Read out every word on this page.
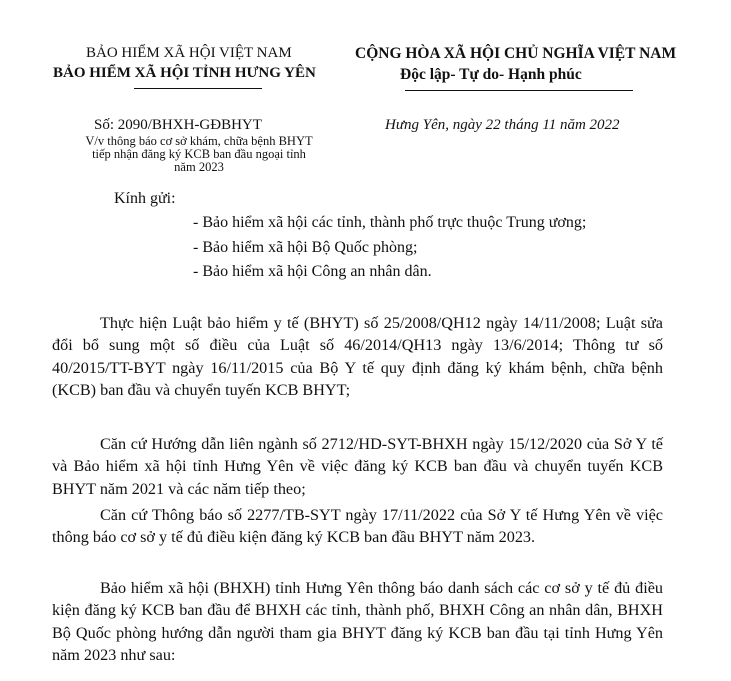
BẢO HIỂM XÃ HỘI VIỆT NAM
BẢO HIỂM XÃ HỘI TỈNH HƯNG YÊN
CỘNG HÒA XÃ HỘI CHỦ NGHĨA VIỆT NAM
Độc lập- Tự do- Hạnh phúc
Số: 2090/BHXH-GĐBHYT	Hưng Yên, ngày 22 tháng 11 năm 2022
V/v thông báo cơ sở khám, chữa bệnh BHYT
tiếp nhận đăng ký KCB ban đầu ngoại tỉnh
năm 2023
Kính gửi:
- Bảo hiểm xã hội các tỉnh, thành phố trực thuộc Trung ương;
- Bảo hiểm xã hội Bộ Quốc phòng;
- Bảo hiểm xã hội Công an nhân dân.

Thực hiện Luật bảo hiểm y tế (BHYT) số 25/2008/QH12 ngày 14/11/2008; Luật sửa đổi bổ sung một số điều của Luật số 46/2014/QH13 ngày 13/6/2014; Thông tư số 40/2015/TT-BYT ngày 16/11/2015 của Bộ Y tế quy định đăng ký khám bệnh, chữa bệnh (KCB) ban đầu và chuyển tuyến KCB BHYT;

Căn cứ Hướng dẫn liên ngành số 2712/HD-SYT-BHXH ngày 15/12/2020 của Sở Y tế và Bảo hiểm xã hội tỉnh Hưng Yên về việc đăng ký KCB ban đầu và chuyển tuyến KCB BHYT năm 2021 và các năm tiếp theo;

Căn cứ Thông báo số 2277/TB-SYT ngày 17/11/2022 của Sở Y tế Hưng Yên về việc thông báo cơ sở y tế đủ điều kiện đăng ký KCB ban đầu BHYT năm 2023.

Bảo hiểm xã hội (BHXH) tỉnh Hưng Yên thông báo danh sách các cơ sở y tế đủ điều kiện đăng ký KCB ban đầu để BHXH các tỉnh, thành phố, BHXH Công an nhân dân, BHXH Bộ Quốc phòng hướng dẫn người tham gia BHYT đăng ký KCB ban đầu tại tỉnh Hưng Yên năm 2023 như sau:
